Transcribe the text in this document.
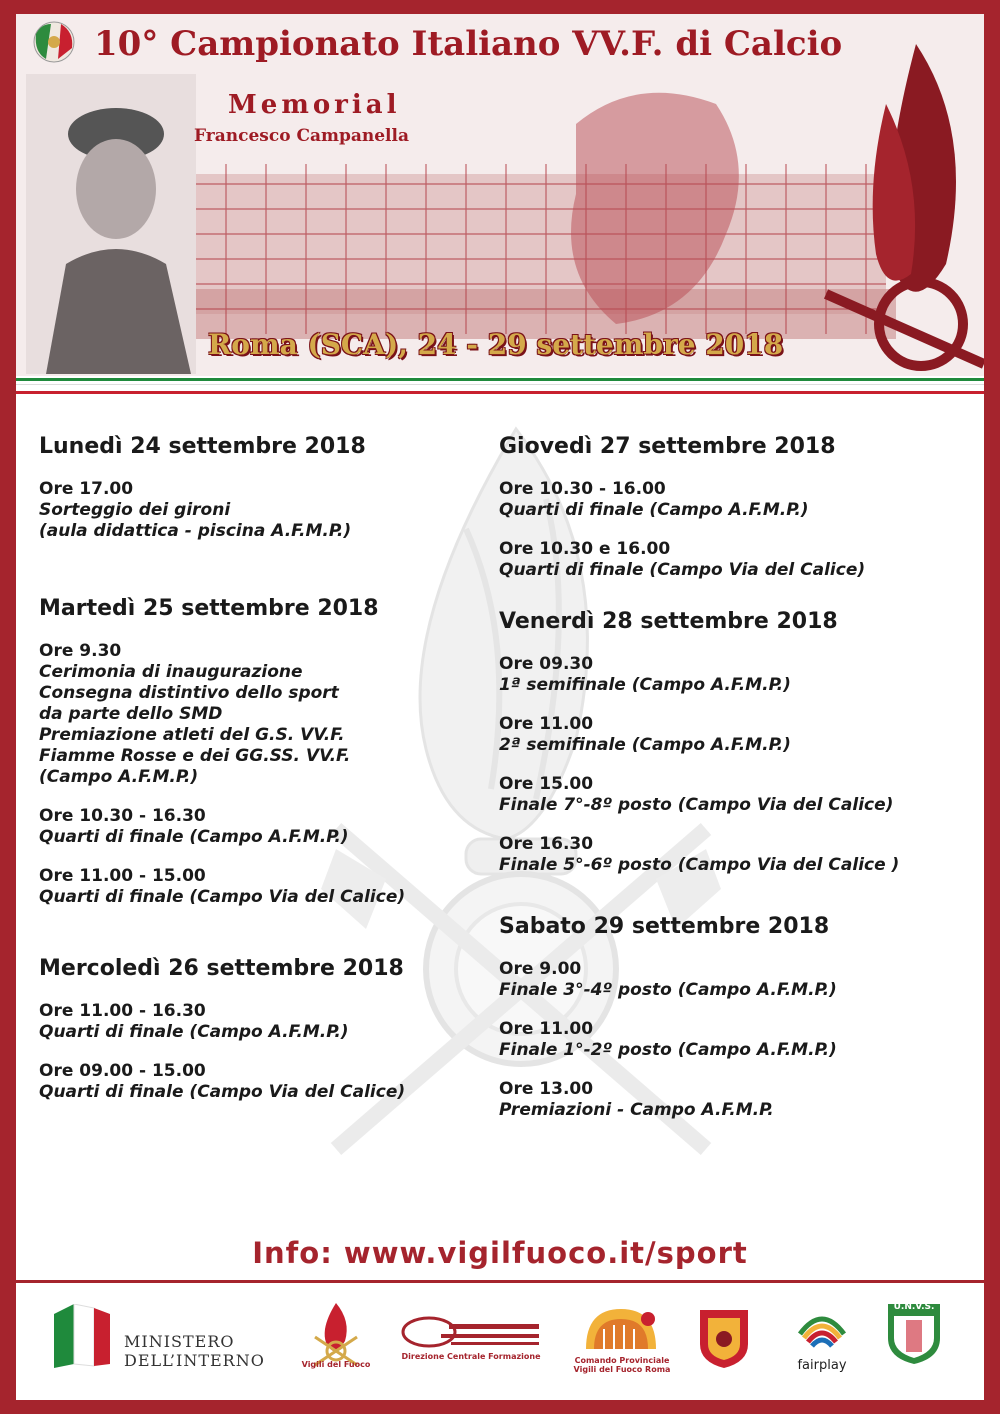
10° Campionato Italiano VV.F. di Calcio
Memorial
Francesco Campanella
Roma (SCA), 24 - 29 settembre 2018
Lunedì 24 settembre 2018
Ore 17.00
Sorteggio dei gironi
(aula didattica - piscina A.F.M.P.)
Martedì 25 settembre 2018
Ore 9.30
Cerimonia di inaugurazione
Consegna distintivo dello sport
da parte dello SMD
Premiazione atleti del G.S. VV.F.
Fiamme Rosse e dei GG.SS. VV.F.
(Campo A.F.M.P.)
Ore 10.30 - 16.30
Quarti di finale (Campo A.F.M.P.)
Ore 11.00 - 15.00
Quarti di finale (Campo Via del Calice)
Mercoledì 26 settembre 2018
Ore 11.00 - 16.30
Quarti di finale (Campo A.F.M.P.)
Ore 09.00 - 15.00
Quarti di finale (Campo Via del Calice)
Giovedì 27 settembre 2018
Ore 10.30 - 16.00
Quarti di finale (Campo A.F.M.P.)
Ore 10.30 e 16.00
Quarti di finale (Campo Via del Calice)
Venerdì 28 settembre 2018
Ore 09.30
1ª semifinale (Campo A.F.M.P.)
Ore 11.00
2ª semifinale (Campo A.F.M.P.)
Ore 15.00
Finale 7°-8º posto (Campo Via del Calice)
Ore 16.30
Finale 5°-6º posto (Campo Via del Calice )
Sabato 29 settembre 2018
Ore 9.00
Finale 3°-4º posto (Campo A.F.M.P.)
Ore 11.00
Finale 1°-2º posto (Campo A.F.M.P.)
Ore 13.00
Premiazioni - Campo A.F.M.P.
Info: www.vigilfuoco.it/sport
MINISTERO
DELL’INTERNO	Vigili del Fuoco
Direzione Centrale Formazione	Comando Provinciale Vigili del Fuoco Roma	fairplay
U.N.V.S.
